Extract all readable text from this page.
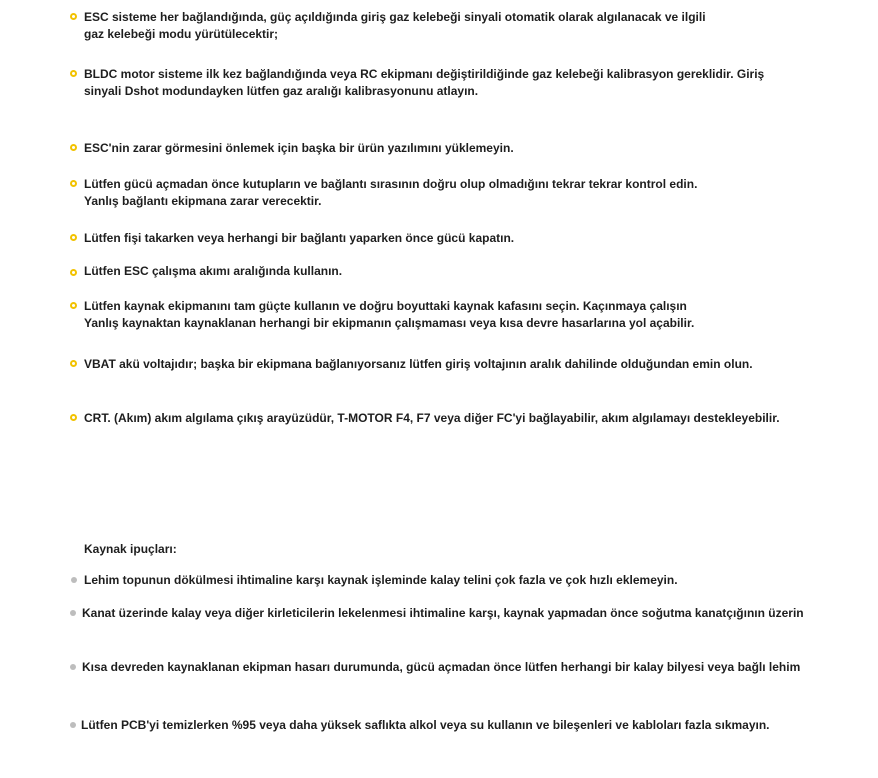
ESC sisteme her bağlandığında, güç açıldığında giriş gaz kelebeği sinyali otomatik olarak algılanacak ve ilgili
gaz kelebeği modu yürütülecektir;
BLDC motor sisteme ilk kez bağlandığında veya RC ekipmanı değiştirildiğinde gaz kelebeği kalibrasyon gereklidir. Giriş
sinyali Dshot modundayken lütfen gaz aralığı kalibrasyonunu atlayın.
ESC'nin zarar görmesini önlemek için başka bir ürün yazılımını yüklemeyin.
Lütfen gücü açmadan önce kutupların ve bağlantı sırasının doğru olup olmadığını tekrar tekrar kontrol edin.
Yanlış bağlantı ekipmana zarar verecektir.
Lütfen fişi takarken veya herhangi bir bağlantı yaparken önce gücü kapatın.
Lütfen ESC çalışma akımı aralığında kullanın.
Lütfen kaynak ekipmanını tam güçte kullanın ve doğru boyuttaki kaynak kafasını seçin. Kaçınmaya çalışın
Yanlış kaynaktan kaynaklanan herhangi bir ekipmanın çalışmaması veya kısa devre hasarlarına yol açabilir.
VBAT akü voltajıdır; başka bir ekipmana bağlanıyorsanız lütfen giriş voltajının aralık dahilinde olduğundan emin olun.
CRT. (Akım) akım algılama çıkış arayüzüdür, T-MOTOR F4, F7 veya diğer FC'yi bağlayabilir, akım algılamayı destekleyebilir.
Kaynak ipuçları:
Lehim topunun dökülmesi ihtimaline karşı kaynak işleminde kalay telini çok fazla ve çok hızlı eklemeyin.
Kanat üzerinde kalay veya diğer kirleticilerin lekelenmesi ihtimaline karşı, kaynak yapmadan önce soğutma kanatçığının üzerin
Kısa devreden kaynaklanan ekipman hasarı durumunda, gücü açmadan önce lütfen herhangi bir kalay bilyesi veya bağlı lehim
Lütfen PCB'yi temizlerken %95 veya daha yüksek saflıkta alkol veya su kullanın ve bileşenleri ve kabloları fazla sıkmayın.
